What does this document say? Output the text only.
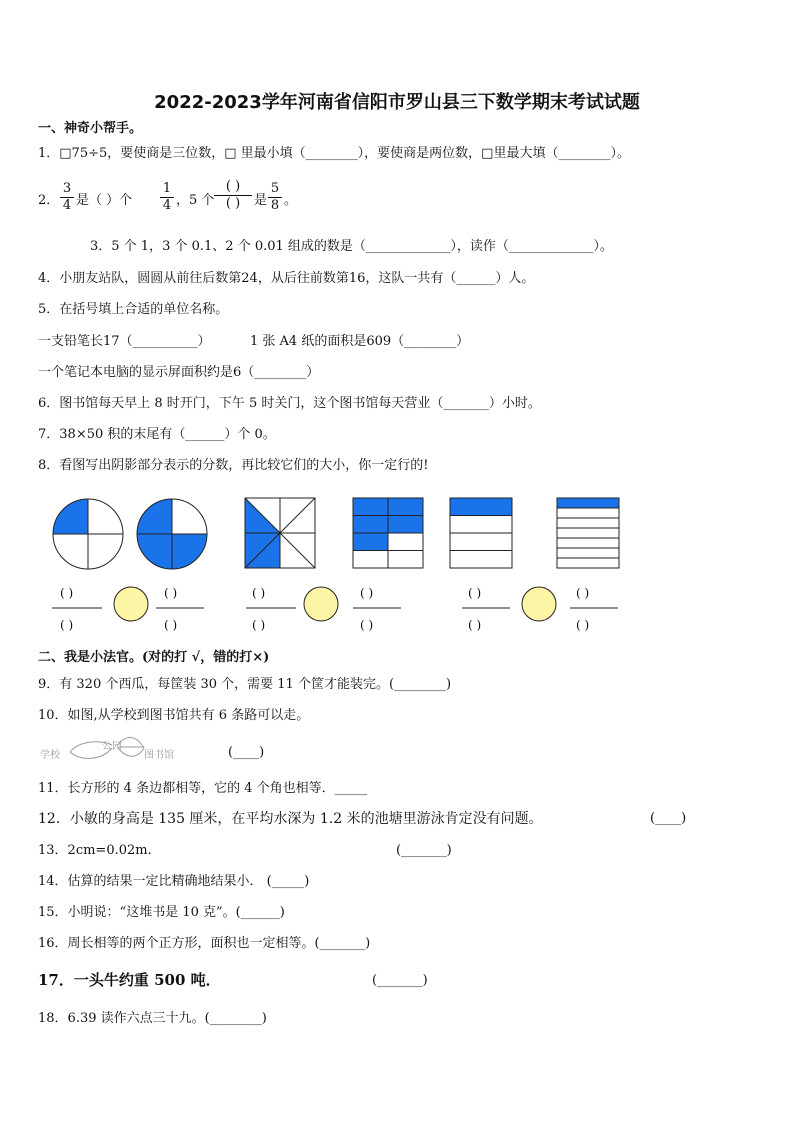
2022-2023学年河南省信阳市罗山县三下数学期末考试试题
一、神奇小帮手。
1．□75÷5，要使商是三位数，□ 里最小填（________），要使商是两位数，□里最大填（________）。
2．
3
4 是（ ）个
1
4 ，5 个
( )
( )	是
5
8 。
3．5 个 1，3 个 0.1、2 个 0.01 组成的数是（_____________），读作（_____________）。
4．小朋友站队，圆圆从前往后数第24，从后往前数第16，这队一共有（______）人。
5．在括号填上合适的单位名称。
一支铅笔长17（__________）	1 张 A4 纸的面积是609（________）
一个笔记本电脑的显示屏面积约是6（________）
6．图书馆每天早上 8 时开门，下午 5 时关门，这个图书馆每天营业（_______）小时。
7．38×50 积的末尾有（______）个 0。
8．看图写出阴影部分表示的分数，再比较它们的大小，你一定行的!
( )
( )
( )
( )
( )
( )
( )
( )
( )
( )
( )
( )
二、我是小法官。(对的打 √，错的打×)
9．有 320 个西瓜，每筐装 30 个，需要 11 个筐才能装完。(________)
10．如图,从学校到图书馆共有 6 条路可以走。
学校
公园
图书馆	(____)
11．长方形的 4 条边都相等，它的 4 个角也相等．_____
12．小敏的身高是 135 厘米，在平均水深为 1.2 米的池塘里游泳肯定没有问题。	(____)
13．2cm=0.02m．	(_______)
14．估算的结果一定比精确地结果小． (_____)
15．小明说：“这堆书是 10 克”。(______)
16．周长相等的两个正方形，面积也一定相等。(_______)
17．一头牛约重 500 吨．	(_______)
18．6.39 读作六点三十九。(________)
